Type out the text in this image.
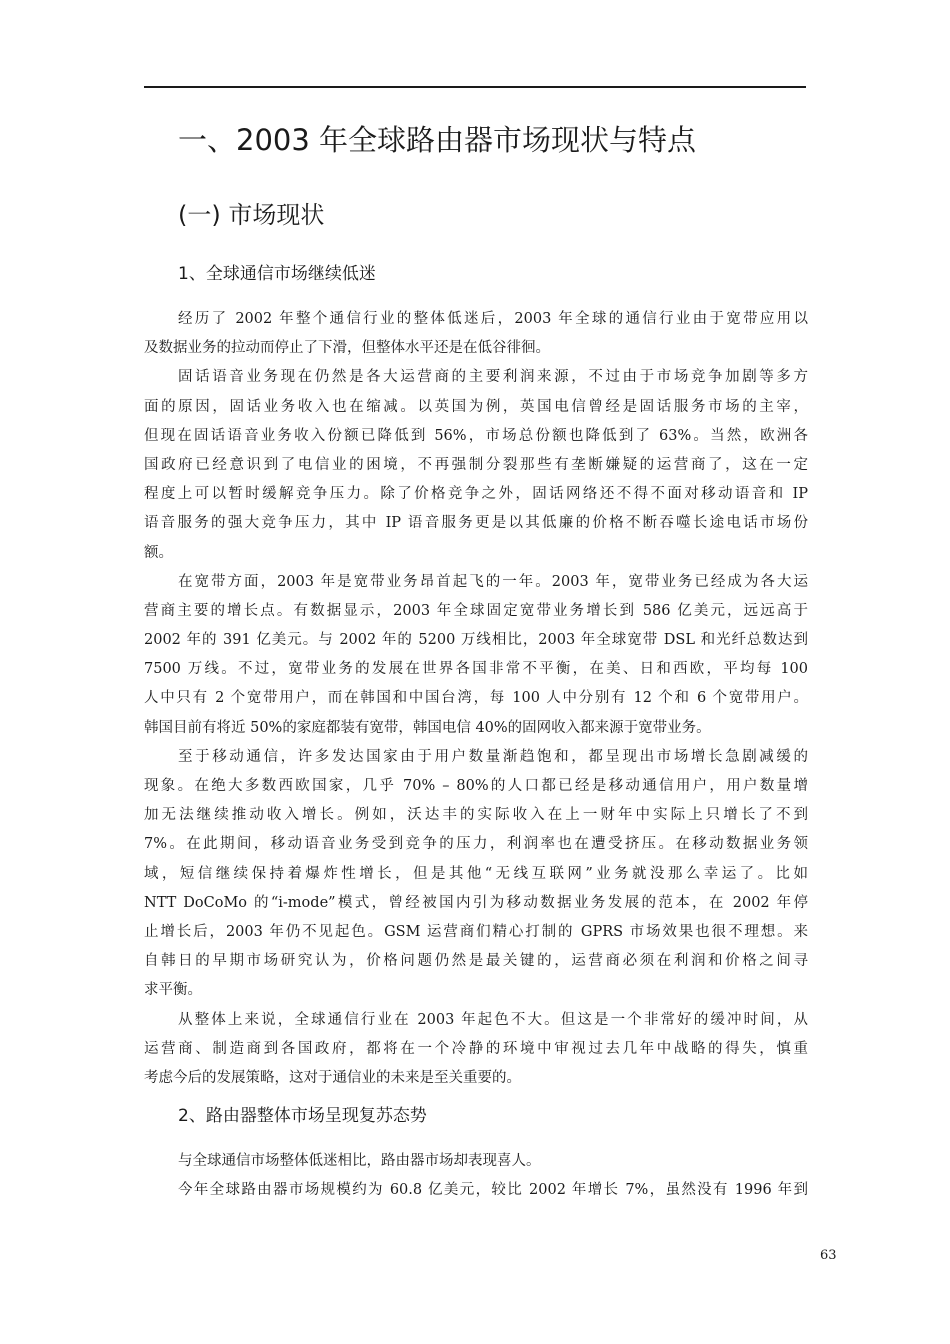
一、2003 年全球路由器市场现状与特点
(一) 市场现状
1、全球通信市场继续低迷
经历了 2002 年整个通信行业的整体低迷后，2003 年全球的通信行业由于宽带应用以
及数据业务的拉动而停止了下滑，但整体水平还是在低谷徘徊。
固话语音业务现在仍然是各大运营商的主要利润来源，不过由于市场竞争加剧等多方
面的原因，固话业务收入也在缩减。以英国为例，英国电信曾经是固话服务市场的主宰，
但现在固话语音业务收入份额已降低到 56%，市场总份额也降低到了 63%。当然，欧洲各
国政府已经意识到了电信业的困境，不再强制分裂那些有垄断嫌疑的运营商了，这在一定
程度上可以暂时缓解竞争压力。除了价格竞争之外，固话网络还不得不面对移动语音和 IP
语音服务的强大竞争压力，其中 IP 语音服务更是以其低廉的价格不断吞噬长途电话市场份
额。
在宽带方面，2003 年是宽带业务昂首起飞的一年。2003 年，宽带业务已经成为各大运
营商主要的增长点。有数据显示，2003 年全球固定宽带业务增长到 586 亿美元，远远高于
2002 年的 391 亿美元。与 2002 年的 5200 万线相比，2003 年全球宽带 DSL 和光纤总数达到
7500 万线。不过，宽带业务的发展在世界各国非常不平衡，在美、日和西欧，平均每 100
人中只有 2 个宽带用户，而在韩国和中国台湾，每 100 人中分别有 12 个和 6 个宽带用户。
韩国目前有将近 50%的家庭都装有宽带，韩国电信 40%的固网收入都来源于宽带业务。
至于移动通信，许多发达国家由于用户数量渐趋饱和，都呈现出市场增长急剧减缓的
现象。在绝大多数西欧国家，几乎 70% – 80%的人口都已经是移动通信用户，用户数量增
加无法继续推动收入增长。例如，沃达丰的实际收入在上一财年中实际上只增长了不到
7%。在此期间，移动语音业务受到竞争的压力，利润率也在遭受挤压。在移动数据业务领
域，短信继续保持着爆炸性增长，但是其他“无线互联网”业务就没那么幸运了。比如
NTT DoCoMo 的“i-mode”模式，曾经被国内引为移动数据业务发展的范本，在 2002 年停
止增长后，2003 年仍不见起色。GSM 运营商们精心打制的 GPRS 市场效果也很不理想。来
自韩日的早期市场研究认为，价格问题仍然是最关键的，运营商必须在利润和价格之间寻
求平衡。
从整体上来说，全球通信行业在 2003 年起色不大。但这是一个非常好的缓冲时间，从
运营商、制造商到各国政府，都将在一个冷静的环境中审视过去几年中战略的得失，慎重
考虑今后的发展策略，这对于通信业的未来是至关重要的。
2、路由器整体市场呈现复苏态势
与全球通信市场整体低迷相比，路由器市场却表现喜人。
今年全球路由器市场规模约为 60.8 亿美元，较比 2002 年增长 7%，虽然没有 1996 年到
63
